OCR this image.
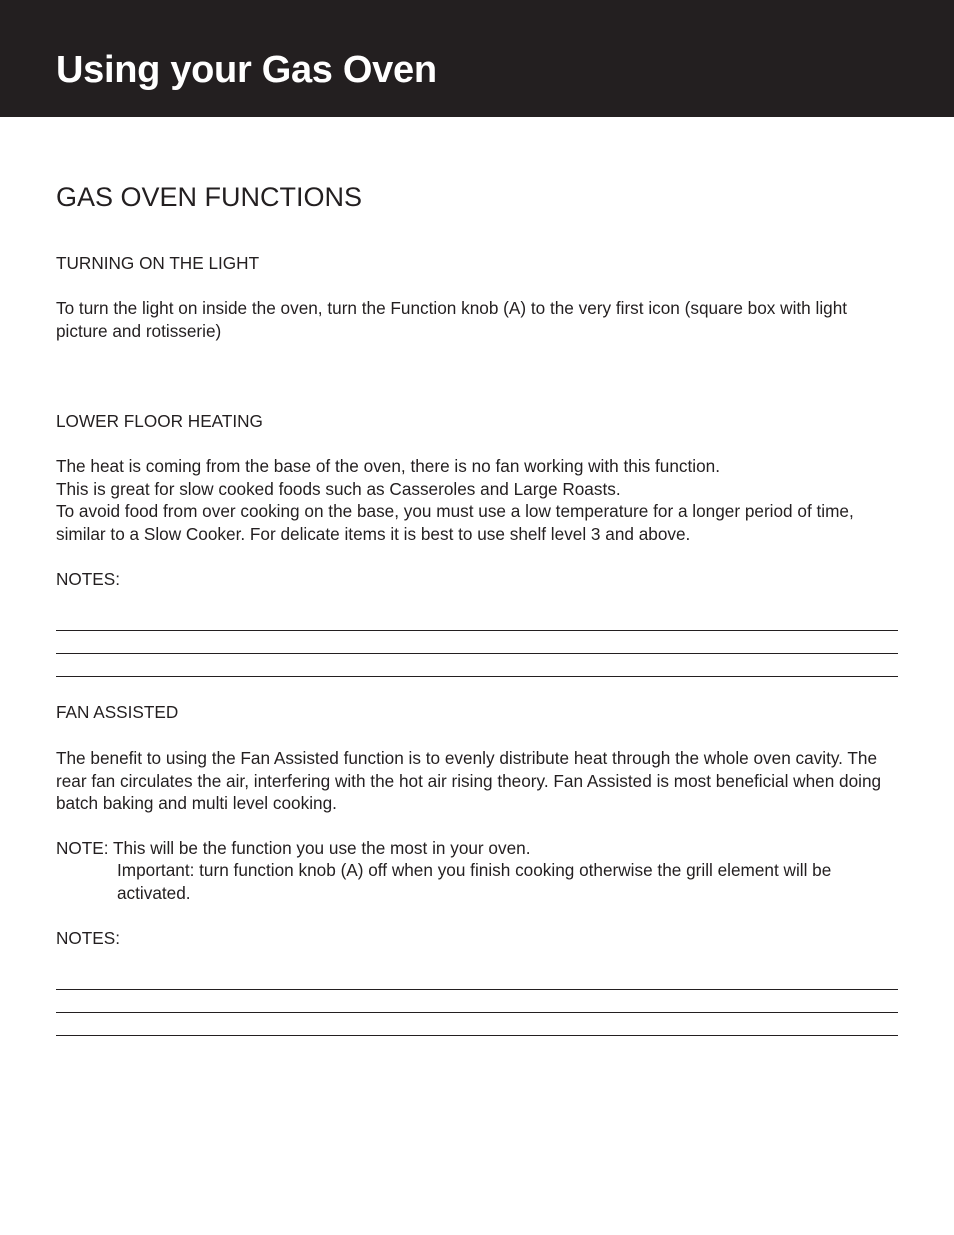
Using your Gas Oven
GAS OVEN FUNCTIONS

TURNING ON THE LIGHT

To turn the light on inside the oven, turn the Function knob (A) to the very first icon (square box with light picture and rotisserie)

LOWER FLOOR HEATING

The heat is coming from the base of the oven, there is no fan working with this function.

This is great for slow cooked foods such as Casseroles and Large Roasts.

To avoid food from over cooking on the base, you must use a low temperature for a longer period of time, similar to a Slow Cooker. For delicate items it is best to use shelf level 3 and above.

NOTES:

FAN ASSISTED

The benefit to using the Fan Assisted function is to evenly distribute heat through the whole oven cavity. The rear fan circulates the air, interfering with the hot air rising theory. Fan Assisted is most beneficial when doing batch baking and multi level cooking.

NOTE: This will be the function you use the most in your oven.

Important: turn function knob (A) off when you finish cooking otherwise the grill element will be activated.

NOTES:
